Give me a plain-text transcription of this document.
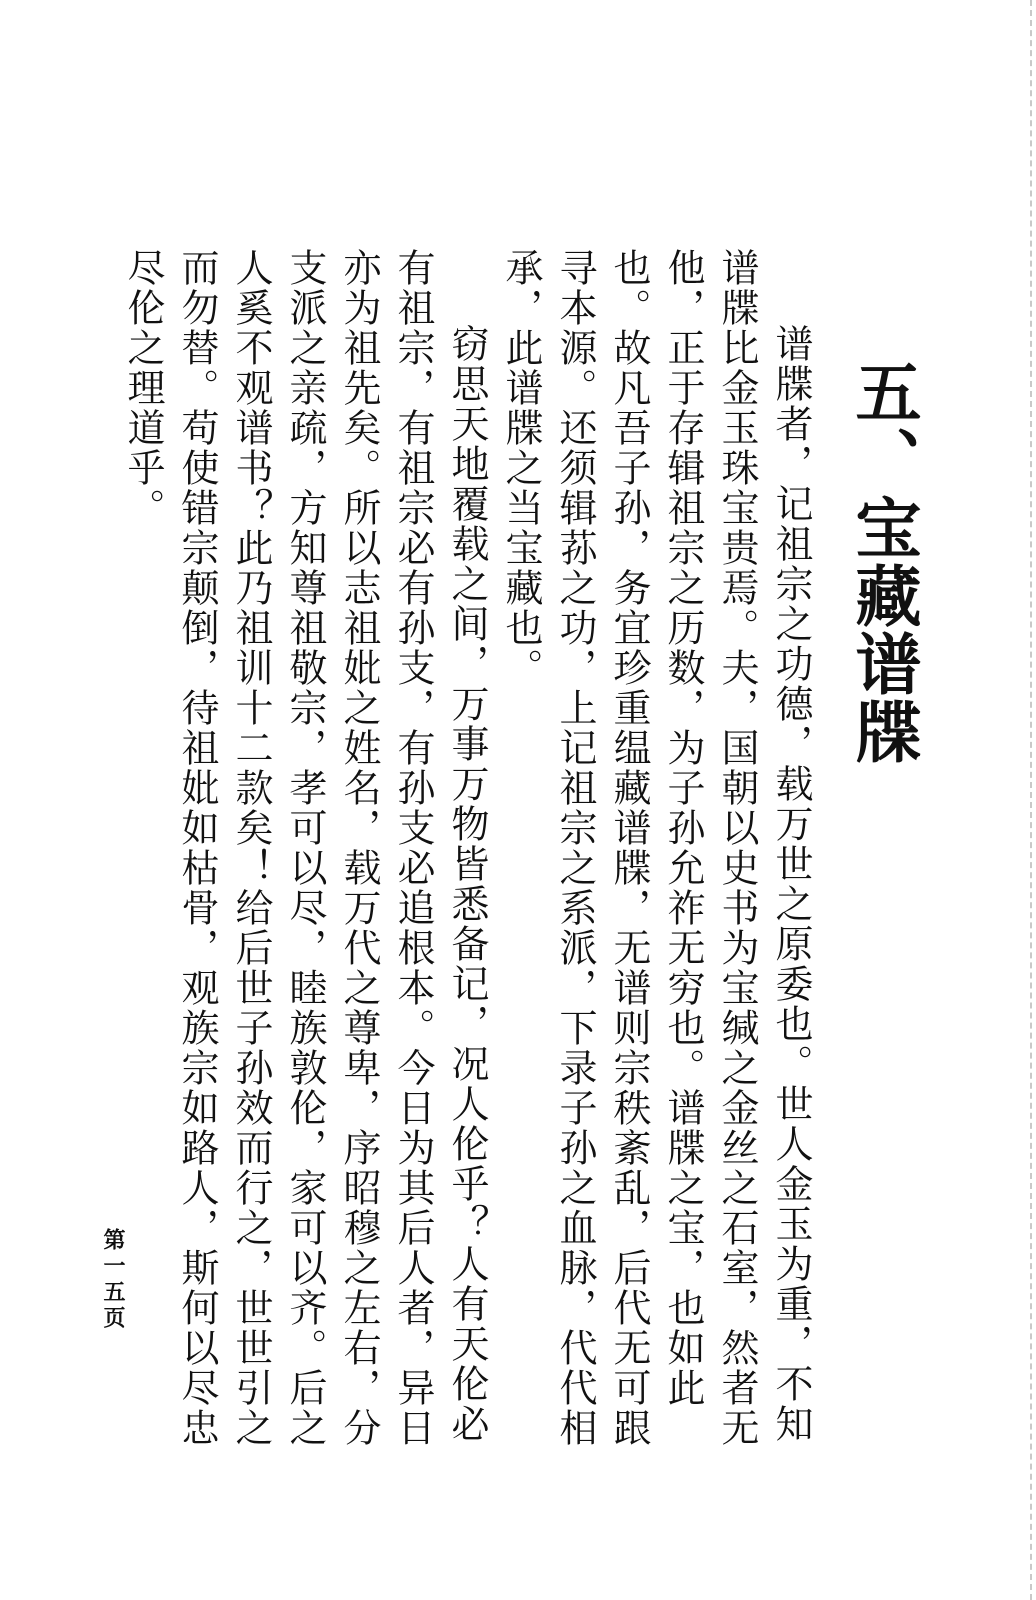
五、宝藏谱牒

谱牒者，记祖宗之功德，载万世之原委也。世人金玉为重，不知谱牒比金玉珠宝贵焉。夫，国朝以史书为宝缄之金丝之石室，然者无他，正于存辑祖宗之历数，为子孙允祚无穷也。谱牒之宝，也如此也。故凡吾子孙，务宜珍重缊藏谱牒，无谱则宗秩紊乱，后代无可跟寻本源。还须辑荪之功，上记祖宗之系派，下录子孙之血脉，代代相承，此谱牒之当宝藏也。

窃思天地覆载之间，万事万物皆悉备记，况人伦乎？人有天伦必有祖宗，有祖宗必有孙支，有孙支必追根本。今日为其后人者，异日亦为祖先矣。所以志祖妣之姓名，载万代之尊卑，序昭穆之左右，分支派之亲疏，方知尊祖敬宗，孝可以尽，睦族敦伦，家可以齐。后之人奚不观谱书？此乃祖训十二款矣！给后世子孙效而行之，世世引之而勿替。苟使错宗颠倒，待祖妣如枯骨，观族宗如路人，斯何以尽忠尽伦之理道乎。

第一五页
